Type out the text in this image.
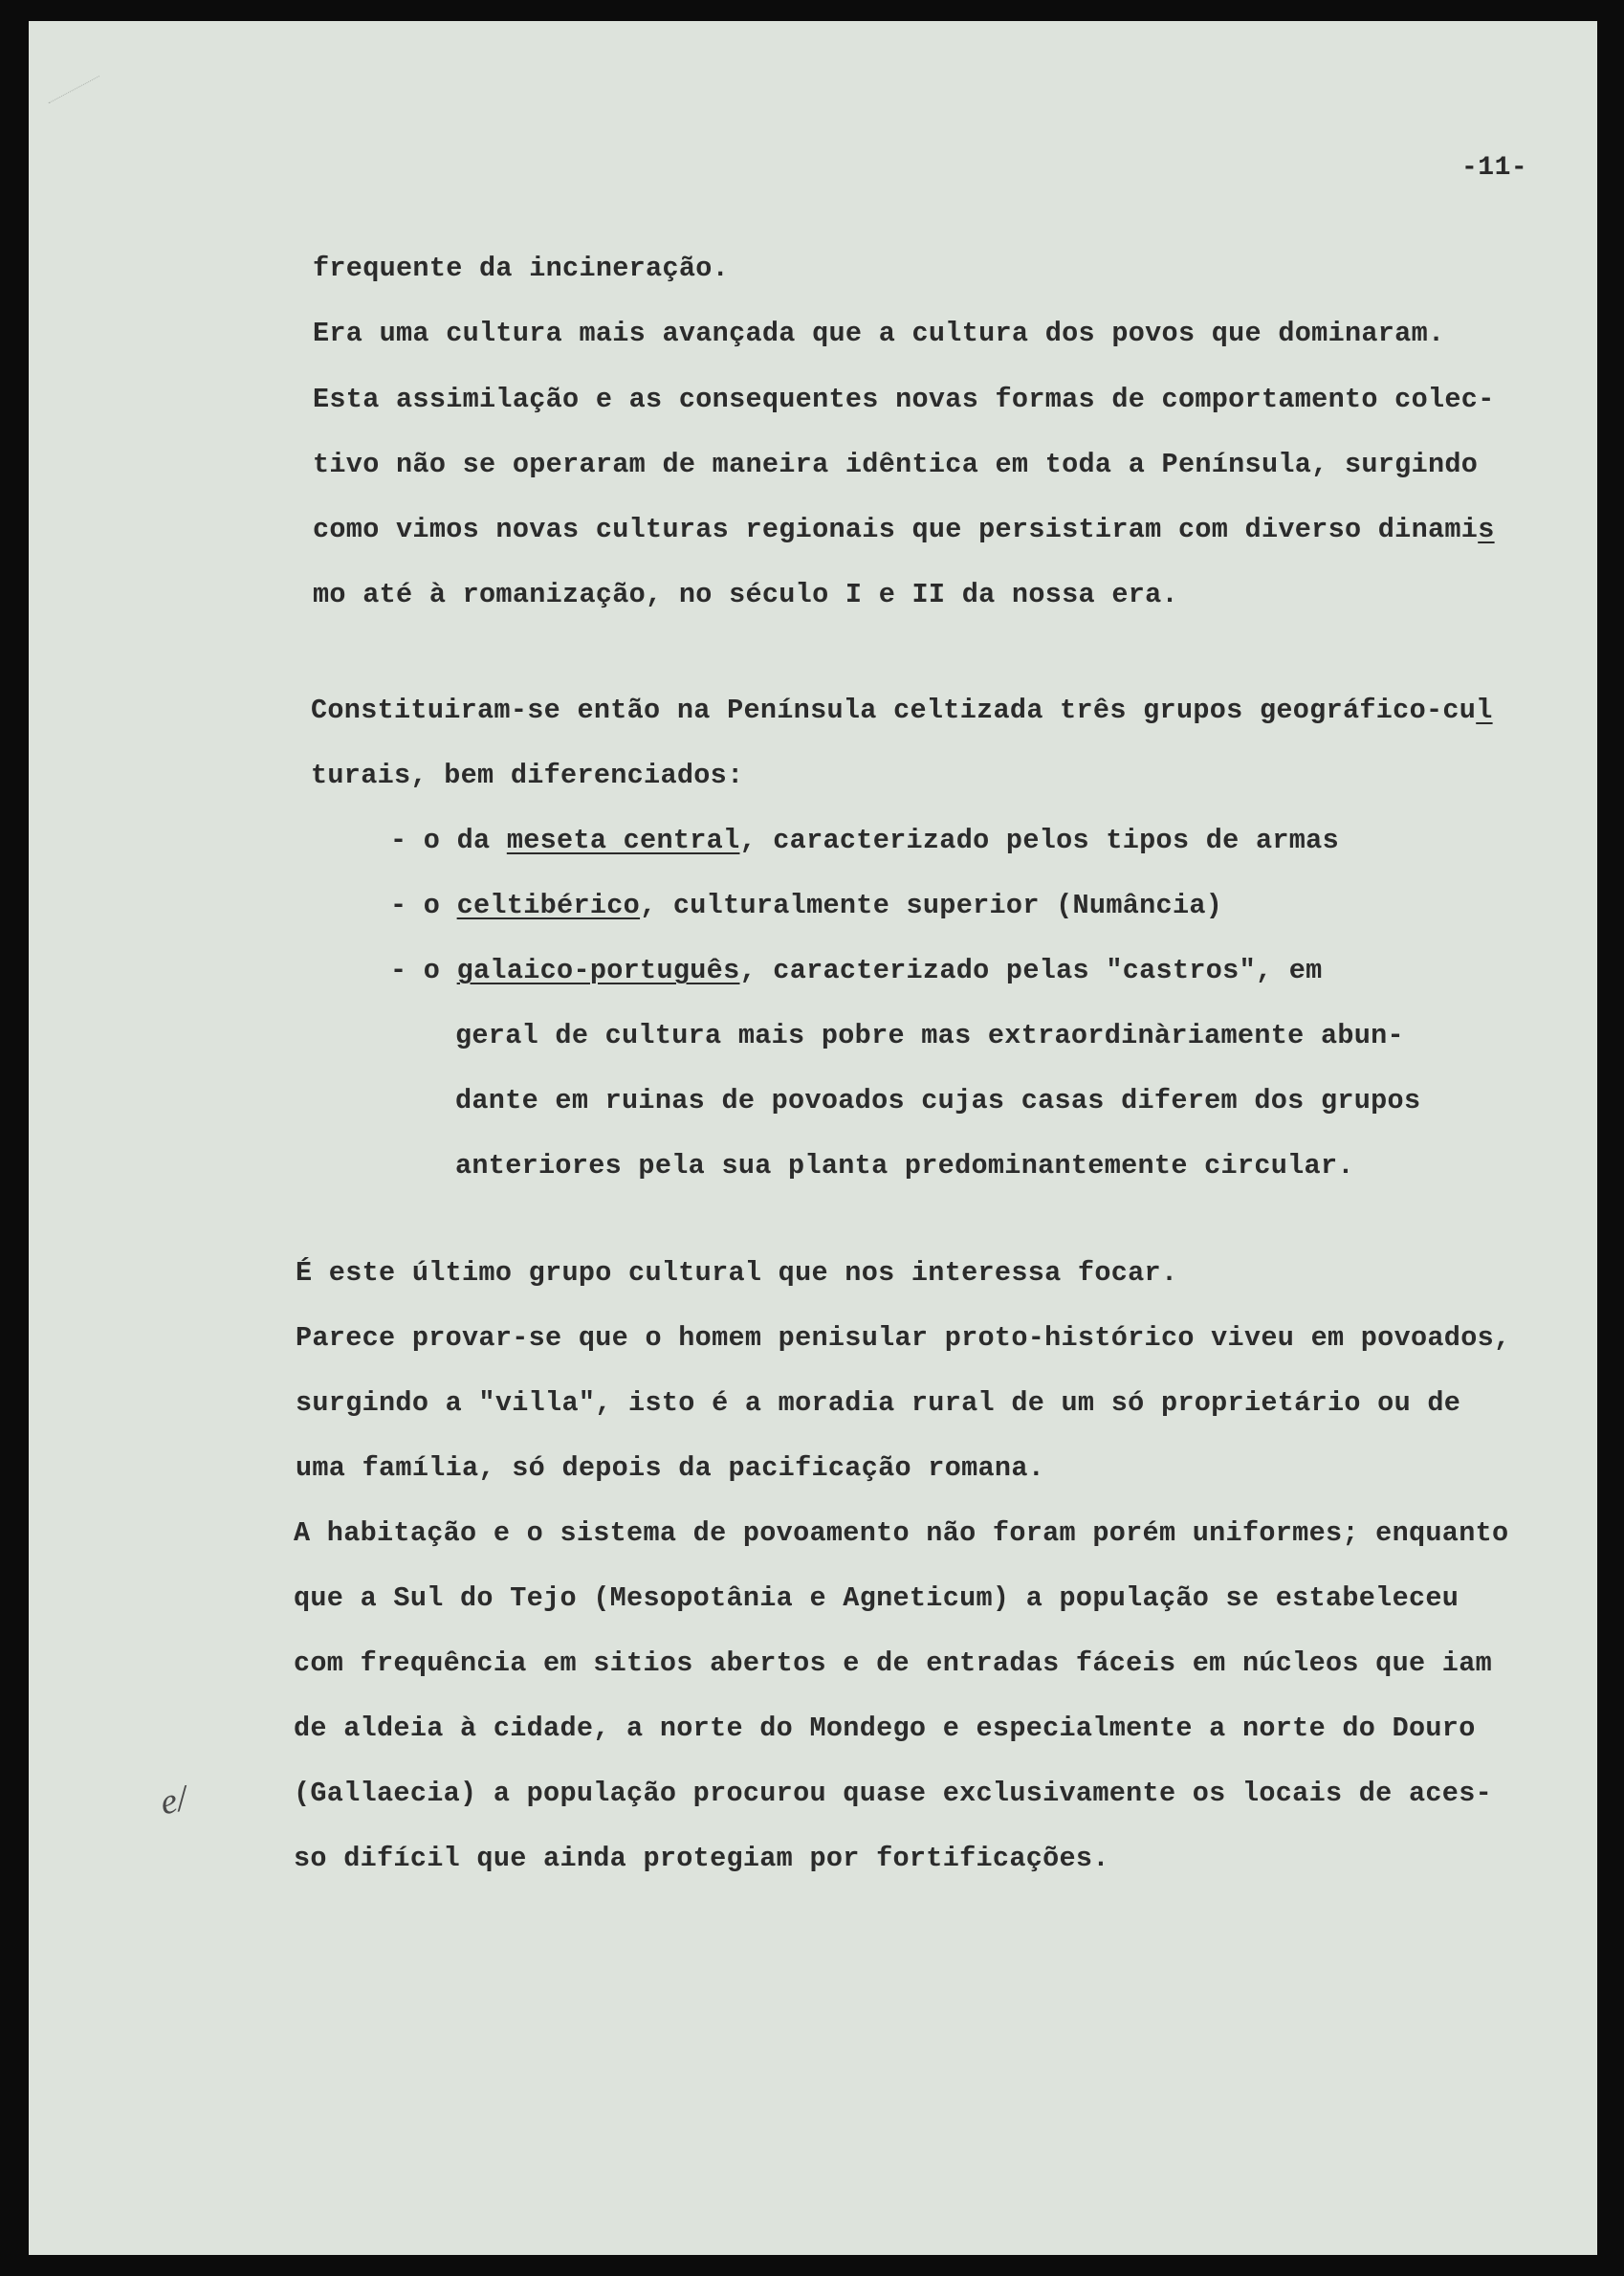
-11-

frequente da incineração.

Era uma cultura mais avançada que a cultura dos povos que dominaram.

Esta assimilação e as consequentes novas formas de comportamento colec-

tivo não se operaram de maneira idêntica em toda a Península, surgindo

como vimos novas culturas regionais que persistiram com diverso dinamis

mo até à romanização, no século I e II da nossa era.

Constituiram-se então na Península celtizada três grupos geográfico-cul

turais, bem diferenciados:

- o da meseta central, caracterizado pelos tipos de armas

- o celtibérico, culturalmente superior (Numância)

- o galaico-português, caracterizado pelas "castros", em

geral de cultura mais pobre mas extraordinàriamente abun-

dante em ruinas de povoados cujas casas diferem dos grupos

anteriores pela sua planta predominantemente circular.

É este último grupo cultural que nos interessa focar.

Parece provar-se que o homem penisular proto-histórico viveu em povoados,

surgindo a "villa", isto é a moradia rural de um só proprietário ou de

uma família, só depois da pacificação romana.

A habitação e o sistema de povoamento não foram porém uniformes; enquanto

que a Sul do Tejo (Mesopotânia e Agneticum) a população se estabeleceu

com frequência em sitios abertos e de entradas fáceis em núcleos que iam

de aldeia à cidade, a norte do Mondego e especialmente a norte do Douro

(Gallaecia) a população procurou quase exclusivamente os locais de aces-

so difícil que ainda protegiam por fortificações.

e/
